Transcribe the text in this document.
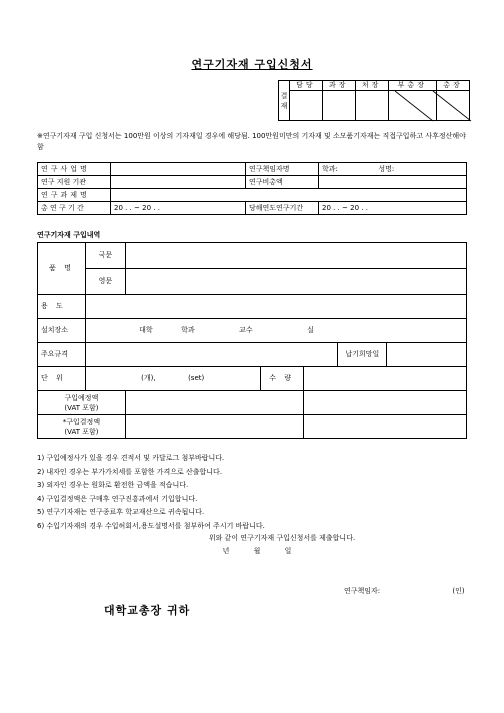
연구기자재 구입신청서
결재	담당	과장	처장	부총장	총장

※연구기자재 구입 신청서는 100만원 이상의 기자재일 경우에 해당됨. 100만원미만의 기자재 및 소모품기자재는 직접구입하고 사후정산해야함
연구사업명		연구책임자명	학과: 성명:
연구 지원 기관		연구비총액	
연구과제명			
총 연 구 기 간	20 . . ~ 20 . .	당해연도연구기간	20 . . ~ 20 . .
연구기자재 구입내역
품 명	국문					
	영문					
용 도						
설치장소	대학 학과 교수 실					
주요규격					납기희망일	
단 위	(개), (set)		수 량			

구입예정액
(VAT 포함)						

*구입결정액
(VAT 포함)						

1) 구입예정사가 있을 경우 견적서 및 카달로그 첨부바랍니다.
2) 내자인 경우는 부가가치세를 포함한 가격으로 산출합니다.
3) 외자인 경우는 원화로 환전한 금액을 적습니다.
4) 구입결정액은 구매후 연구진흥과에서 기입합니다.
5) 연구기자재는 연구종료후 학교재산으로 귀속됩니다.
6) 수입기자재의 경우 수입허회서,용도설명서를 첨부하여 주시기 바랍니다.
위와 같이 연구기자재 구입신청서를 제출합니다.
년 월 일
연구책임자:	(인)
대학교총장 귀하
